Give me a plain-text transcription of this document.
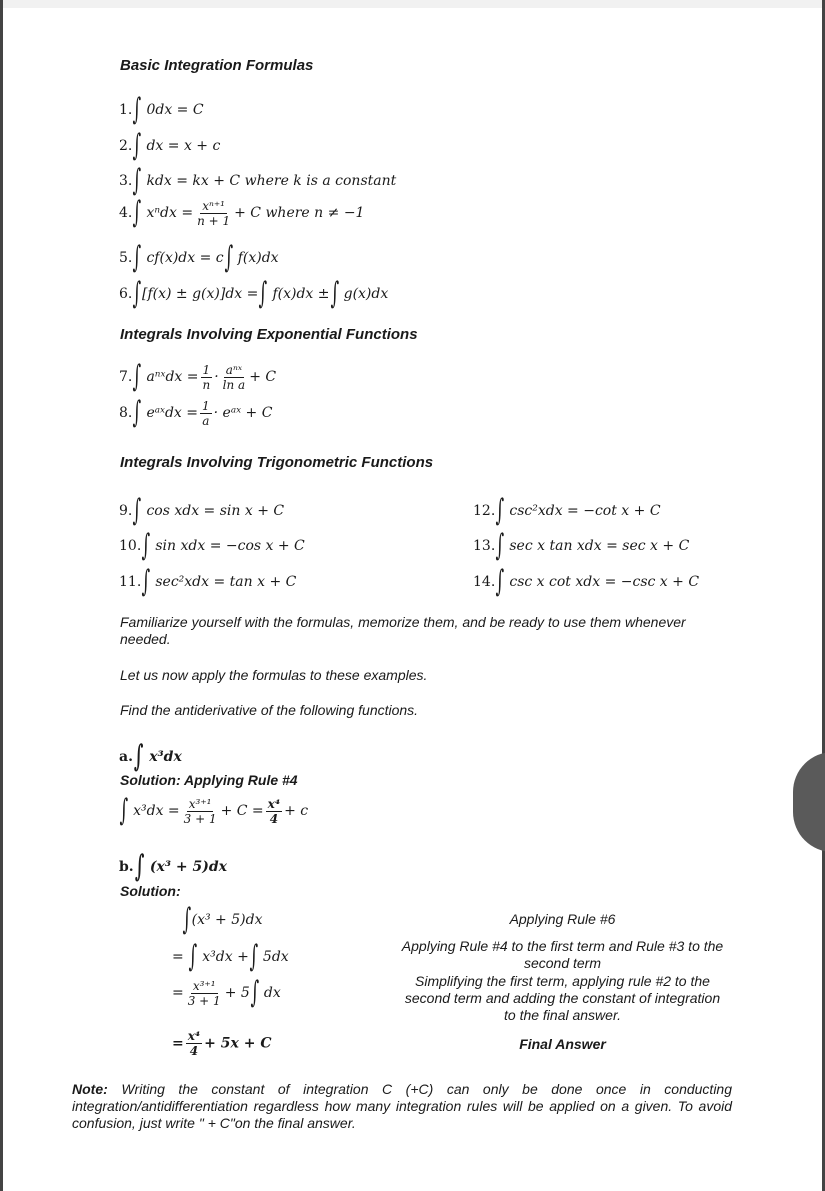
Basic Integration Formulas
1.∫ 0dx = C
2.∫ dx = x + c
3.∫ kdx = kx + C where k is a constant
4.∫ $x^ndx = \frac{\text{xⁿ⁺¹}}{n + 1} + C$ where n ≠ −1
5.∫ cf(x)dx = c∫ f(x)dx
6.∫[f(x) ± g(x)]dx =∫ f(x)dx ±∫ g(x)dx
Integrals Involving Exponential Functions
7.∫ aⁿˣdx = $\frac{1}{n} \cdot \frac{\text{aⁿˣ}}{\text{ln a}} + C$
8.∫ eᵃˣdx = $\frac{1}{a}$ · eᵃˣ + C
Integrals Involving Trigonometric Functions
9.∫ cos xdx = sin x + C
10.∫ sin xdx = −cos x + C
11.∫ sec²xdx = tan x + C
12.∫ csc²xdx = −cot x + C
13.∫ sec x tan xdx = sec x + C
14.∫ csc x cot xdx = −csc x + C
Familiarize yourself with the formulas, memorize them, and be ready to use them whenever needed.
Let us now apply the formulas to these examples.
Find the antiderivative of the following functions.
a.∫ x³dx
Solution: Applying Rule #4
∫ $x^3dx = \frac{\text{x³⁺¹}}{3 + 1} + C = \frac{\text{x⁴}}{4} + c$
b.∫ (x³ + 5)dx
Solution:
∫(x³ + 5)dx
= ∫ x³dx +∫ 5dx
= $\frac{\text{x³⁺¹}}{3 + 1} + 5\int$ dx
= $\frac{\text{x⁴}}{4} + 5x + C$
Applying Rule #6
Applying Rule #4 to the first term and Rule #3 to the second term
Simplifying the first term, applying rule #2 to the second term and adding the constant of integration to the final answer.
Final Answer
Note: Writing the constant of integration C (+C) can only be done once in conducting integration/antidifferentiation regardless how many integration rules will be applied on a given. To avoid confusion, just write " + C"on the final answer.
